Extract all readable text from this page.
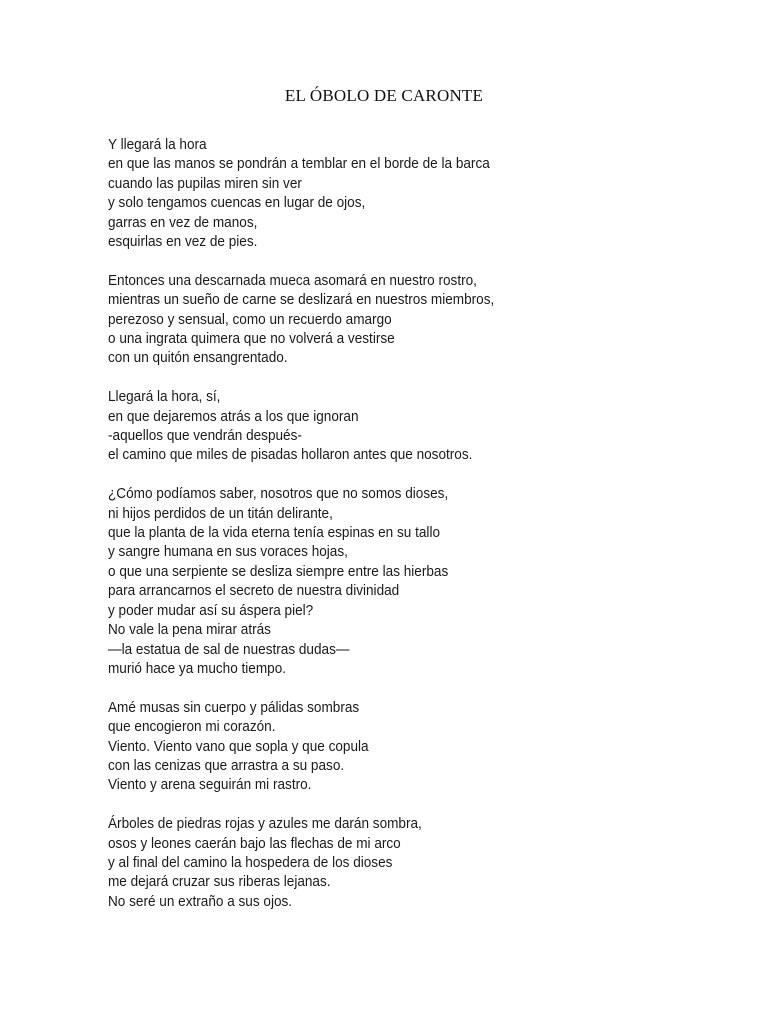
EL ÓBOLO DE CARONTE
Y llegará la hora
en que las manos se pondrán a temblar en el borde de la barca
cuando las pupilas miren sin ver
y solo tengamos cuencas en lugar de ojos,
garras en vez de manos,
esquirlas en vez de pies.
Entonces una descarnada mueca asomará en nuestro rostro,
mientras un sueño de carne se deslizará en nuestros miembros,
perezoso y sensual, como un recuerdo amargo
o una ingrata quimera que no volverá a vestirse
con un quitón ensangrentado.
Llegará la hora, sí,
en que dejaremos atrás a los que ignoran
-aquellos que vendrán después-
el camino que miles de pisadas hollaron antes que nosotros.
¿Cómo podíamos saber, nosotros que no somos dioses,
ni hijos perdidos de un titán delirante,
que la planta de la vida eterna tenía espinas en su tallo
y sangre humana en sus voraces hojas,
o que una serpiente se desliza siempre entre las hierbas
para arrancarnos el secreto de nuestra divinidad
y poder mudar así su áspera piel?
No vale la pena mirar atrás
—la estatua de sal de nuestras dudas—
murió hace ya mucho tiempo.
Amé musas sin cuerpo y pálidas sombras
que encogieron mi corazón.
Viento. Viento vano que sopla y que copula
con las cenizas que arrastra a su paso.
Viento y arena seguirán mi rastro.
Árboles de piedras rojas y azules me darán sombra,
osos y leones caerán bajo las flechas de mi arco
y al final del camino la hospedera de los dioses
me dejará cruzar sus riberas lejanas.
No seré un extraño a sus ojos.
